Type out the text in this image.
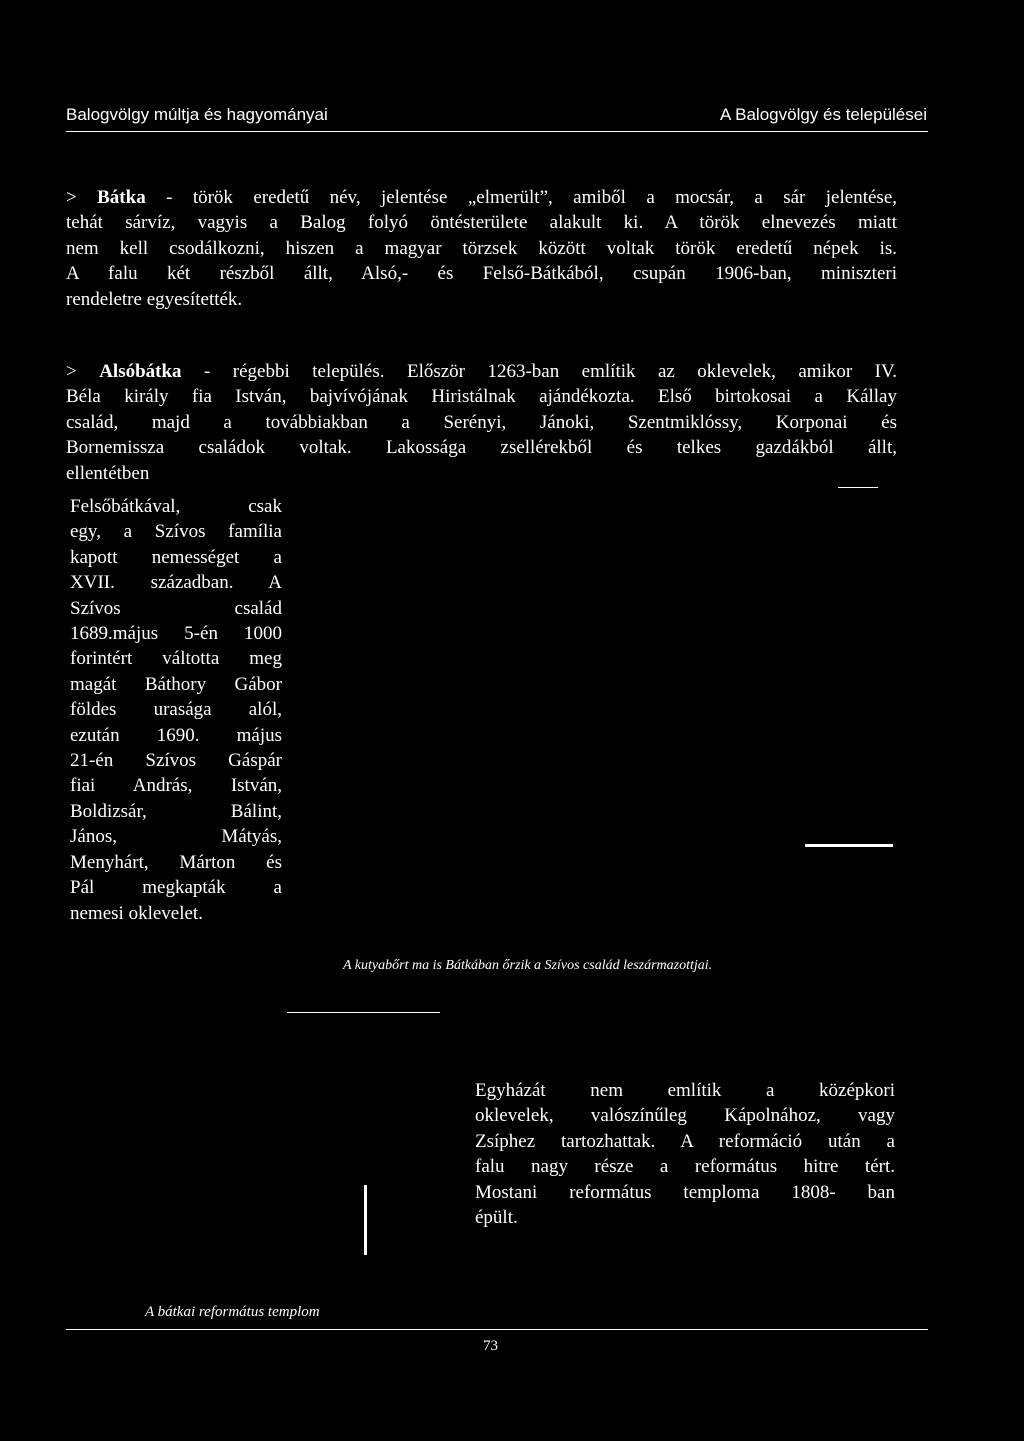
Balogvölgy múltja és hagyományai	A Balogvölgy és települései
> Bátka - török eredetű név, jelentése „elmerült”, amiből a mocsár, a sár jelentése,
tehát sárvíz, vagyis a Balog folyó öntésterülete alakult ki. A török elnevezés miatt
nem kell csodálkozni, hiszen a magyar törzsek között voltak török eredetű népek is.
A falu két részből állt, Alsó,- és Felső-Bátkából, csupán 1906-ban, miniszteri
rendeletre egyesítették.
> Alsóbátka - régebbi település. Először 1263-ban említik az oklevelek, amikor IV.
Béla király fia István, bajvívójának Hiristálnak ajándékozta. Első birtokosai a Kállay
család, majd a továbbiakban a Serényi, Jánoki, Szentmiklóssy, Korponai és
Bornemissza családok voltak. Lakossága zsellérekből és telkes gazdákból állt,
ellentétben
Felsőbátkával, csak
egy, a Szívos família
kapott nemességet a
XVII. században. A
Szívos család
1689.május 5-én 1000
forintért váltotta meg
magát Báthory Gábor
földes urasága alól,
ezután 1690. május
21-én Szívos Gáspár
fiai András, István,
Boldizsár, Bálint,
János, Mátyás,
Menyhárt, Márton és
Pál megkapták a
nemesi oklevelet.
A kutyabőrt ma is Bátkában őrzik a Szívos család leszármazottjai.
Egyházát nem említik a középkori
oklevelek, valószínűleg Kápolnához, vagy
Zsíphez tartozhattak. A reformáció után a
falu nagy része a református hitre tért.
Mostani református temploma 1808- ban
épült.
A bátkai református templom
73
